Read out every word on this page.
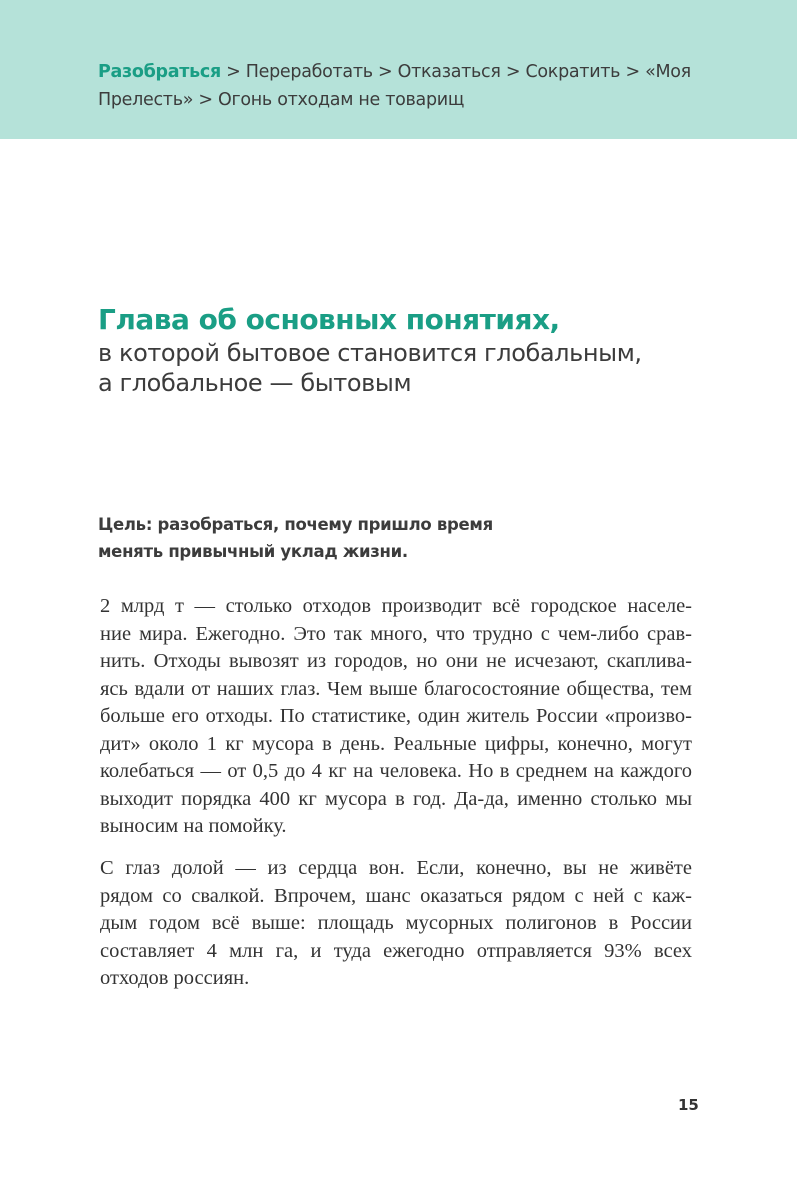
Разобраться > Переработать > Отказаться > Сократить > «Моя
Прелесть» > Огонь отходам не товарищ
Глава об основных понятиях,
в которой бытовое становится глобальным,
а глобальное — бытовым
Цель: разобраться, почему пришло время
менять привычный уклад жизни.
2 млрд т — столько отходов производит всё городское населе-
ние мира. Ежегодно. Это так много, что трудно с чем-либо срав-
нить. Отходы вывозят из городов, но они не исчезают, скаплива-
ясь вдали от наших глаз. Чем выше благосостояние общества, тем
больше его отходы. По статистике, один житель России «произво-
дит» около 1 кг мусора в день. Реальные цифры, конечно, могут
колебаться — от 0,5 до 4 кг на человека. Но в среднем на каждого
выходит порядка 400 кг мусора в год. Да-да, именно столько мы
выносим на помойку.
С глаз долой — из сердца вон. Если, конечно, вы не живёте
рядом со свалкой. Впрочем, шанс оказаться рядом с ней с каж-
дым годом всё выше: площадь мусорных полигонов в России
составляет 4 млн га, и туда ежегодно отправляется 93% всех
отходов россиян.
15
